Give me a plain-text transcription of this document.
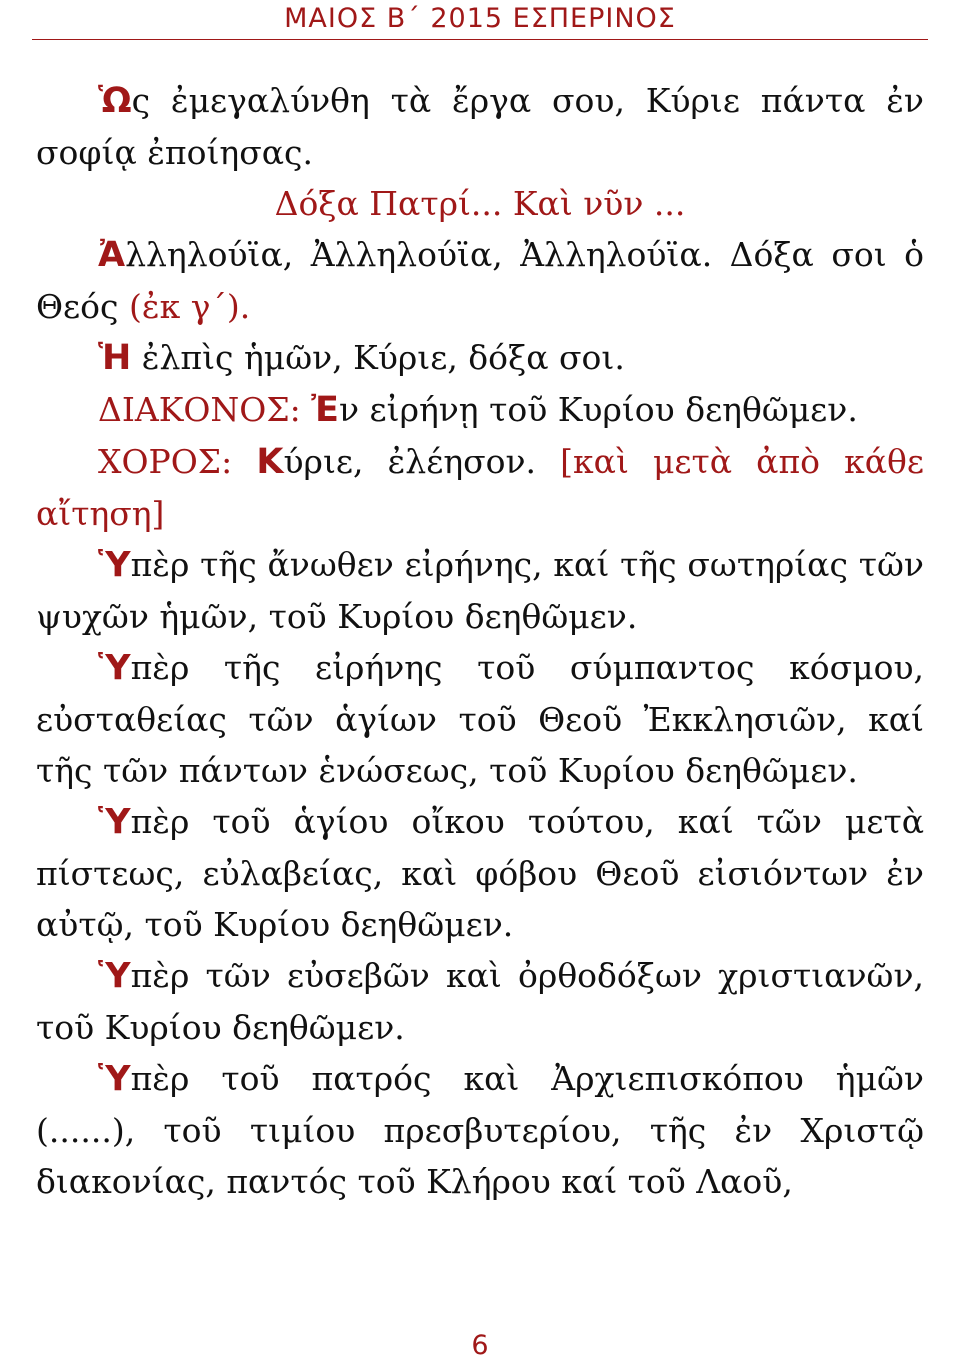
ΜΑΙΟΣ Β΄ 2015 ΕΣΠΕΡΙΝΟΣ

Ὡς ἐμεγαλύνθη τὰ ἔργα σου, Κύριε πάντα ἐν σοφίᾳ ἐποίησας.

Δόξα Πατρί... Καὶ νῦν ...

Ἀλληλούϊα, Ἀλληλούϊα, Ἀλληλούϊα. Δόξα σοι ὁ Θεός (ἐκ γ΄).

Ἡ ἐλπὶς ἡμῶν, Κύριε, δόξα σοι.

ΔΙΑΚΟΝΟΣ: Ἐν εἰρήνῃ τοῦ Κυρίου δεηθῶμεν.

ΧΟΡΟΣ: Κύριε, ἐλέησον. [καὶ μετὰ ἀπὸ κάθε αἴτηση]

Ὑπὲρ τῆς ἄνωθεν εἰρήνης, καί τῆς σωτηρίας τῶν ψυχῶν ἡμῶν, τοῦ Κυρίου δεηθῶμεν.

Ὑπὲρ τῆς εἰρήνης τοῦ σύμπαντος κόσμου, εὐσταθείας τῶν ἁγίων τοῦ Θεοῦ Ἐκκλησιῶν, καί τῆς τῶν πάντων ἑνώσεως, τοῦ Κυρίου δεηθῶμεν.

Ὑπὲρ τοῦ ἁγίου οἴκου τούτου, καί τῶν μετὰ πίστεως, εὐλαβείας, καὶ φόβου Θεοῦ εἰσιόντων ἐν αὐτῷ, τοῦ Κυρίου δεηθῶμεν.

Ὑπὲρ τῶν εὐσεβῶν καὶ ὀρθοδόξων χριστιανῶν, τοῦ Κυρίου δεηθῶμεν.

Ὑπὲρ τοῦ πατρός καὶ Ἀρχιεπισκόπου ἡμῶν (......), τοῦ τιμίου πρεσβυτερίου, τῆς ἐν Χριστῷ διακονίας, παντός τοῦ Κλήρου καί τοῦ Λαοῦ,

6
